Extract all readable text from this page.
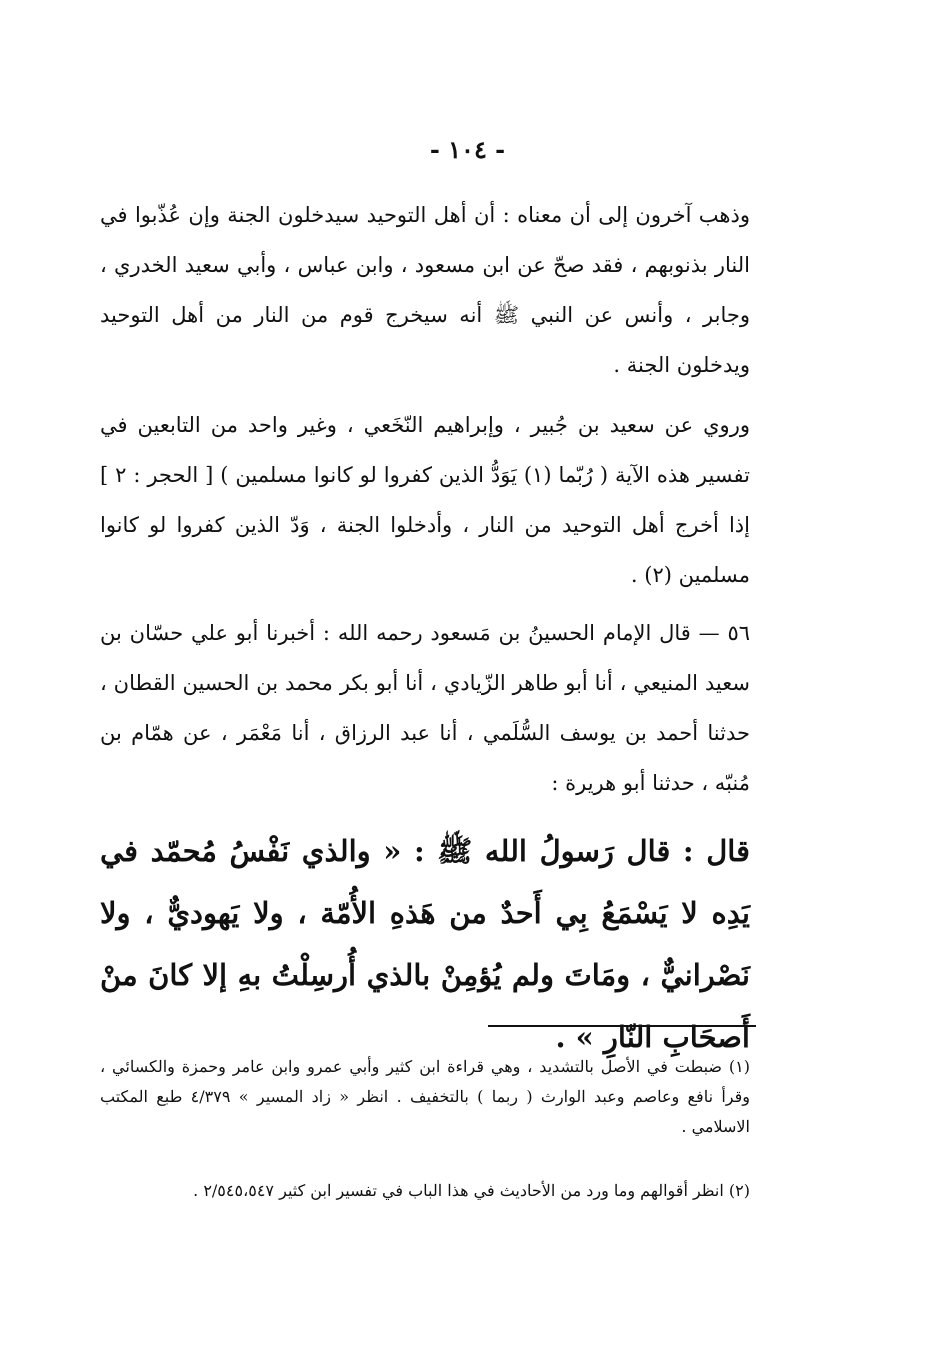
- ١٠٤ -
وذهب آخرون إلى أن معناه : أن أهل التوحيد سيدخلون الجنة وإن عُذّبوا في النار بذنوبهم ، فقد صحّ عن ابن مسعود ، وابن عباس ، وأبي سعيد الخدري ، وجابر ، وأنس عن النبي ﷺ أنه سيخرج قوم من النار من أهل التوحيد ويدخلون الجنة .
وروي عن سعيد بن جُبير ، وإبراهيم النّخَعي ، وغير واحد من التابعين في تفسير هذه الآية ( رُبّما (١) يَوَدُّ الذين كفروا لو كانوا مسلمين ) [ الحجر : ٢ ] إذا أخرج أهل التوحيد من النار ، وأدخلوا الجنة ، وَدّ الذين كفروا لو كانوا مسلمين (٢) .
٥٦ — قال الإمام الحسينُ بن مَسعود رحمه الله : أخبرنا أبو علي حسّان بن سعيد المنيعي ، أنا أبو طاهر الزّيادي ، أنا أبو بكر محمد بن الحسين القطان ، حدثنا أحمد بن يوسف السُّلَمي ، أنا عبد الرزاق ، أنا مَعْمَر ، عن همّام بن مُنبّه ، حدثنا أبو هريرة :
قال : قال رَسولُ الله ﷺ : « والذي نَفْسُ مُحمّد في يَدِه لا يَسْمَعُ بِي أَحدٌ من هَذهِ الأُمّة ، ولا يَهوديٌّ ، ولا نَصْرانيٌّ ، ومَاتَ ولم يُؤمِنْ بالذي أُرسِلْتُ بهِ إلا كانَ منْ أَصحَابِ النّارِ » .
(١) ضبطت في الأصل بالتشديد ، وهي قراءة ابن كثير وأبي عمرو وابن عامر وحمزة والكسائي ، وقرأ نافع وعاصم وعبد الوارث ( ربما ) بالتخفيف . انظر « زاد المسير » ٤/٣٧٩ طبع المكتب الاسلامي .
(٢) انظر أقوالهم وما ورد من الأحاديث في هذا الباب في تفسير ابن كثير ٢/٥٤٥،٥٤٧ .
